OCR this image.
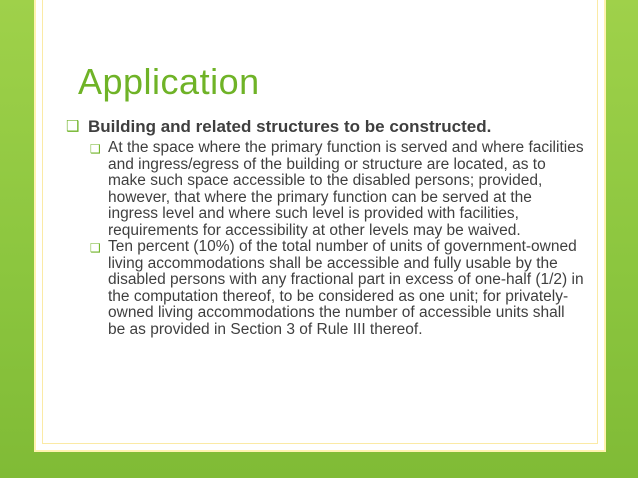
Application
❑ Building and related structures to be constructed.
❑ At the space where the primary function is served and where facilities and ingress/egress of the building or structure are located, as to make such space accessible to the disabled persons; provided, however, that where the primary function can be served at the ingress level and where such level is provided with facilities, requirements for accessibility at other levels may be waived.
❑ Ten percent (10%) of the total number of units of government-owned living accommodations shall be accessible and fully usable by the disabled persons with any fractional part in excess of one-half (1/2) in the computation thereof, to be considered as one unit; for privately-owned living accommodations the number of accessible units shall be as provided in Section 3 of Rule III thereof.
